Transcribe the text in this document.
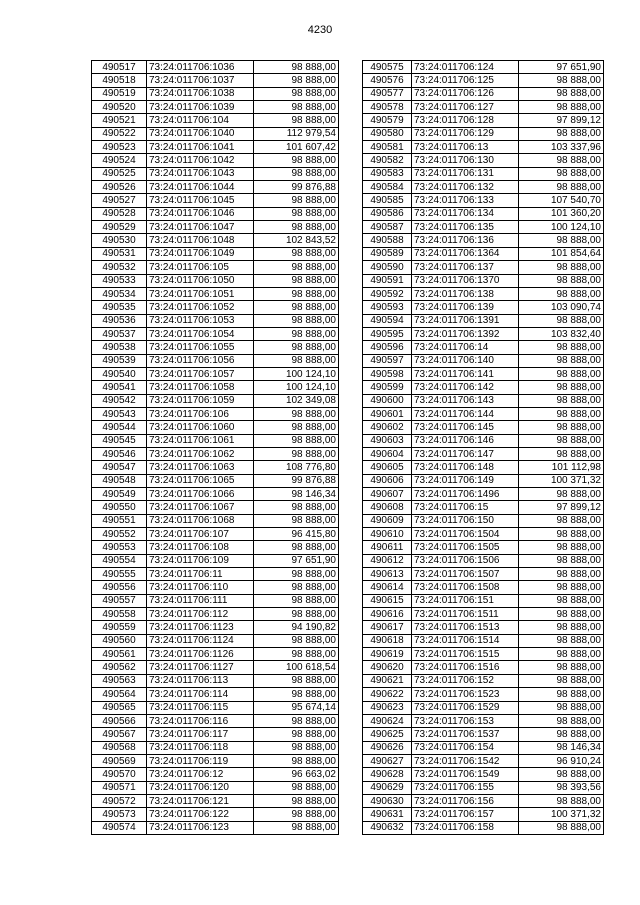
4230
490517	73:24:011706:1036	98 888,00
490518	73:24:011706:1037	98 888,00
490519	73:24:011706:1038	98 888,00
490520	73:24:011706:1039	98 888,00
490521	73:24:011706:104	98 888,00
490522	73:24:011706:1040	112 979,54
490523	73:24:011706:1041	101 607,42
490524	73:24:011706:1042	98 888,00
490525	73:24:011706:1043	98 888,00
490526	73:24:011706:1044	99 876,88
490527	73:24:011706:1045	98 888,00
490528	73:24:011706:1046	98 888,00
490529	73:24:011706:1047	98 888,00
490530	73:24:011706:1048	102 843,52
490531	73:24:011706:1049	98 888,00
490532	73:24:011706:105	98 888,00
490533	73:24:011706:1050	98 888,00
490534	73:24:011706:1051	98 888,00
490535	73:24:011706:1052	98 888,00
490536	73:24:011706:1053	98 888,00
490537	73:24:011706:1054	98 888,00
490538	73:24:011706:1055	98 888,00
490539	73:24:011706:1056	98 888,00
490540	73:24:011706:1057	100 124,10
490541	73:24:011706:1058	100 124,10
490542	73:24:011706:1059	102 349,08
490543	73:24:011706:106	98 888,00
490544	73:24:011706:1060	98 888,00
490545	73:24:011706:1061	98 888,00
490546	73:24:011706:1062	98 888,00
490547	73:24:011706:1063	108 776,80
490548	73:24:011706:1065	99 876,88
490549	73:24:011706:1066	98 146,34
490550	73:24:011706:1067	98 888,00
490551	73:24:011706:1068	98 888,00
490552	73:24:011706:107	96 415,80
490553	73:24:011706:108	98 888,00
490554	73:24:011706:109	97 651,90
490555	73:24:011706:11	98 888,00
490556	73:24:011706:110	98 888,00
490557	73:24:011706:111	98 888,00
490558	73:24:011706:112	98 888,00
490559	73:24:011706:1123	94 190,82
490560	73:24:011706:1124	98 888,00
490561	73:24:011706:1126	98 888,00
490562	73:24:011706:1127	100 618,54
490563	73:24:011706:113	98 888,00
490564	73:24:011706:114	98 888,00
490565	73:24:011706:115	95 674,14
490566	73:24:011706:116	98 888,00
490567	73:24:011706:117	98 888,00
490568	73:24:011706:118	98 888,00
490569	73:24:011706:119	98 888,00
490570	73:24:011706:12	96 663,02
490571	73:24:011706:120	98 888,00
490572	73:24:011706:121	98 888,00
490573	73:24:011706:122	98 888,00
490574	73:24:011706:123	98 888,00
490575	73:24:011706:124	97 651,90
490576	73:24:011706:125	98 888,00
490577	73:24:011706:126	98 888,00
490578	73:24:011706:127	98 888,00
490579	73:24:011706:128	97 899,12
490580	73:24:011706:129	98 888,00
490581	73:24:011706:13	103 337,96
490582	73:24:011706:130	98 888,00
490583	73:24:011706:131	98 888,00
490584	73:24:011706:132	98 888,00
490585	73:24:011706:133	107 540,70
490586	73:24:011706:134	101 360,20
490587	73:24:011706:135	100 124,10
490588	73:24:011706:136	98 888,00
490589	73:24:011706:1364	101 854,64
490590	73:24:011706:137	98 888,00
490591	73:24:011706:1370	98 888,00
490592	73:24:011706:138	98 888,00
490593	73:24:011706:139	103 090,74
490594	73:24:011706:1391	98 888,00
490595	73:24:011706:1392	103 832,40
490596	73:24:011706:14	98 888,00
490597	73:24:011706:140	98 888,00
490598	73:24:011706:141	98 888,00
490599	73:24:011706:142	98 888,00
490600	73:24:011706:143	98 888,00
490601	73:24:011706:144	98 888,00
490602	73:24:011706:145	98 888,00
490603	73:24:011706:146	98 888,00
490604	73:24:011706:147	98 888,00
490605	73:24:011706:148	101 112,98
490606	73:24:011706:149	100 371,32
490607	73:24:011706:1496	98 888,00
490608	73:24:011706:15	97 899,12
490609	73:24:011706:150	98 888,00
490610	73:24:011706:1504	98 888,00
490611	73:24:011706:1505	98 888,00
490612	73:24:011706:1506	98 888,00
490613	73:24:011706:1507	98 888,00
490614	73:24:011706:1508	98 888,00
490615	73:24:011706:151	98 888,00
490616	73:24:011706:1511	98 888,00
490617	73:24:011706:1513	98 888,00
490618	73:24:011706:1514	98 888,00
490619	73:24:011706:1515	98 888,00
490620	73:24:011706:1516	98 888,00
490621	73:24:011706:152	98 888,00
490622	73:24:011706:1523	98 888,00
490623	73:24:011706:1529	98 888,00
490624	73:24:011706:153	98 888,00
490625	73:24:011706:1537	98 888,00
490626	73:24:011706:154	98 146,34
490627	73:24:011706:1542	96 910,24
490628	73:24:011706:1549	98 888,00
490629	73:24:011706:155	98 393,56
490630	73:24:011706:156	98 888,00
490631	73:24:011706:157	100 371,32
490632	73:24:011706:158	98 888,00
